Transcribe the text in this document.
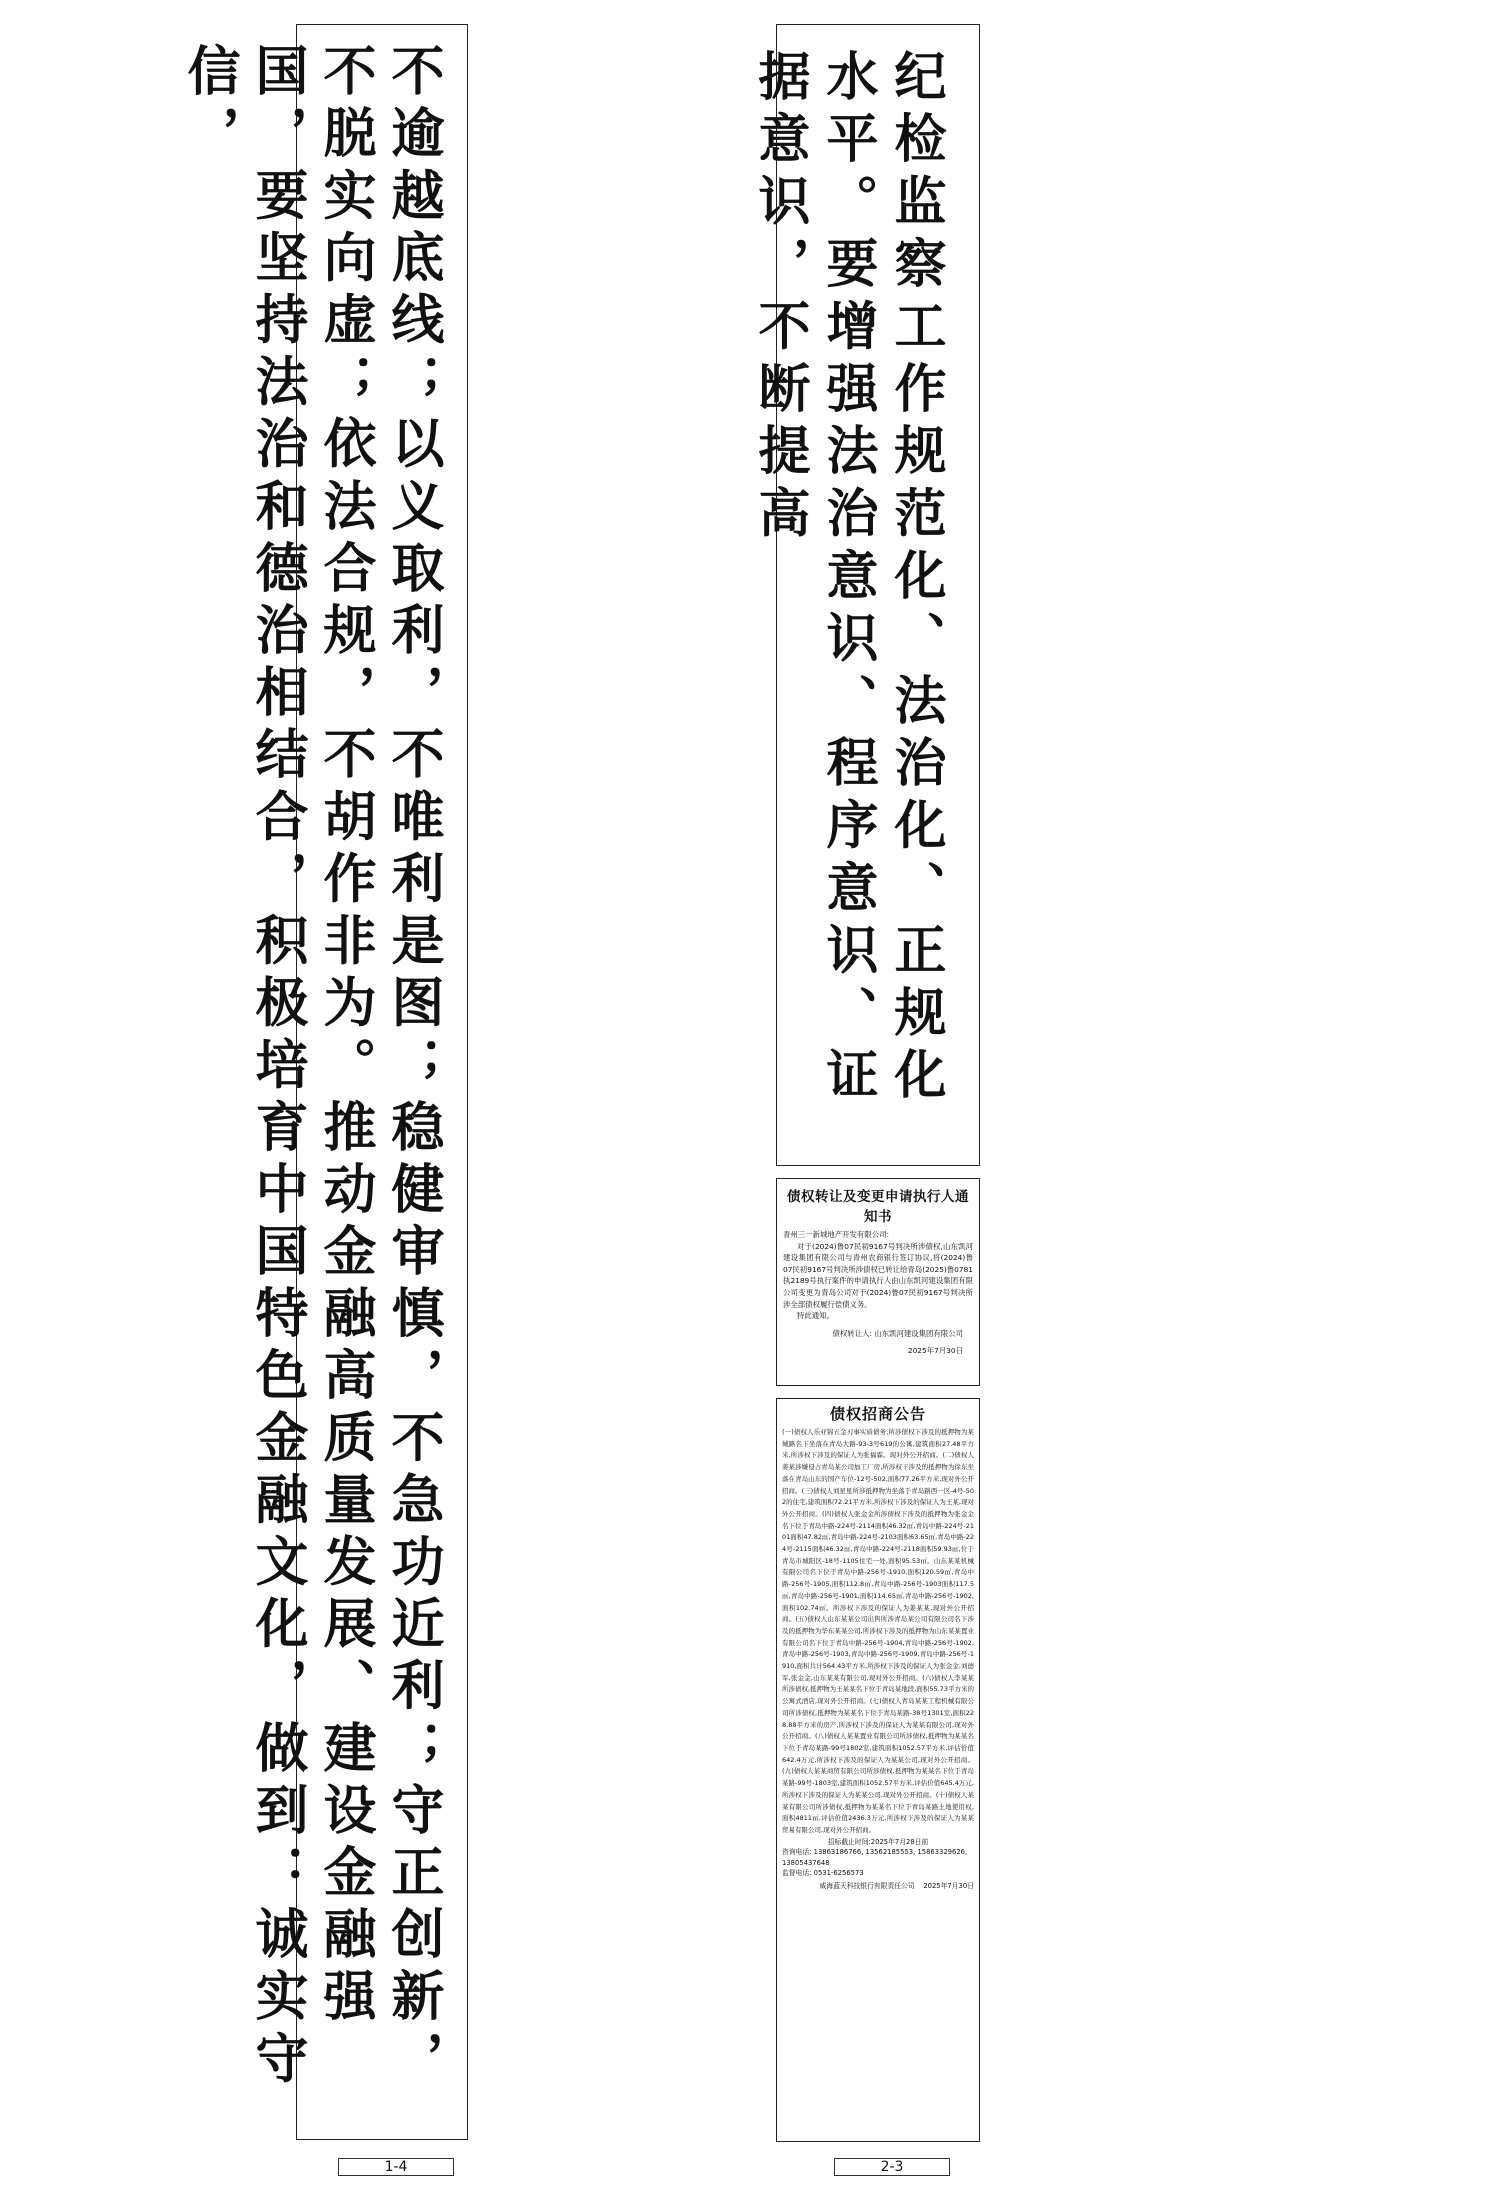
不逾越底线；以义取利，不唯利是图；稳健审慎，不急功近利；守正创新，不脱实向虚；依法合规，不胡作非为。推动金融高质量发展、建设金融强国，要坚持法治和德治相结合，积极培育中国特色金融文化，做到：诚实守信，	纪检监察工作规范化、法治化、正规化水平。要增强法治意识、程序意识、证据意识，不断提高
债权转让及变更申请执行人通知书

青州三一新城地产开发有限公司:

对于(2024)鲁07民初9167号判决所涉债权,山东凯河建设集团有限公司与青州农商银行签订协议,将(2024)鲁07民初9167号判决所涉债权已转让给青岛(2025)鲁0781执2189号执行案件的申请执行人由山东凯河建设集团有限公司变更为青岛公司对于(2024)鲁07民初9167号判决所涉全部债权履行偿债义务。

特此通知。

债权转让人: 山东凯河建设集团有限公司

2025年7月30日

债权招商公告

(一)债权人乐亚锦五金刃事实质债务,所涉债权下涉及的抵押物为某城路名下坐落在青岛大路-93-3号619的公寓,建筑面积27.48平方米,所涉权下涉及的保证人为张福霖。现对外公开招商。(二)债权人姜某涉嫌侵占青岛某公司加工厂房,所涉权下涉及的抵押物为徐东坐落在青岛山东的国产车位-12号-502,面积77.26平方米,现对外公开招商。(三)债权人刘星星所涉抵押物为坐落于青岛路西一区-4号-502的住宅,建筑面积72.21平方米,所涉权下涉及的保证人为王某,现对外公开招商。(四)债权人张金金所涉债权下涉及的抵押物为张金金名下位于青岛中路-224号-2114面积46.32㎡,青岛中路-224号-2101面积47.82㎡,青岛中路-224号-2103面积63.65㎡,青岛中路-224号-2115面积46.32㎡,青岛中路-224号-2118面积59.93㎡,位于青岛市城阳区-18号-1105住宅一处,面积95.53㎡。山东某某机械有限公司名下位于青岛中路-256号-1910,面积120.59㎡,青岛中路-256号-1905,面积112.8㎡,青岛中路-256号-1903面积117.5㎡,青岛中路-256号-1901,面积114.65㎡,青岛中路-256号-1902,面积102.74㎡。所涉权下涉及的保证人为姜某某,现对外公开招商。(五)债权人山东某某公司出售所涉青岛某公司有限公司名下涉及的抵押物为华东某某公司,所涉权下涉及的抵押物为山东某某置业有限公司名下位于青岛中路-256号-1904,青岛中路-256号-1902,青岛中路-256号-1903,青岛中路-256号-1909,青岛中路-256号-1910,面积共计564.43平方米,所涉权下涉及的保证人为张金金,刘德军,张金金,山东某某有限公司,现对外公开招商。(六)债权人李某某所涉债权,抵押物为王某某名下位于青岛某地段,面积55.73平方米的公寓式酒店,现对外公开招商。(七)债权人青岛某某工程机械有限公司所涉债权,抵押物为某某名下位于青岛某路-38号1301室,面积228.88平方米的房产,所涉权下涉及的保证人为某某有限公司,现对外公开招商。(八)债权人某某置业有限公司所涉债权,抵押物为某某名下位于青岛某路-99号1802室,建筑面积1052.57平方米,评估价值642.4万元,所涉权下涉及的保证人为某某公司,现对外公开招商。(九)债权人某某商贸有限公司所涉债权,抵押物为某某名下位于青岛某路-99号-1803室,建筑面积1052.57平方米,评估价值645.4万元,所涉权下涉及的保证人为某某公司,现对外公开招商。(十)债权人某某有限公司所涉债权,抵押物为某某名下位于青岛某路土地使用权,面积4811㎡,评估价值2436.3万元,所涉权下涉及的保证人为某某贸易有限公司,现对外公开招商。

招标截止时间:2025年7月28日前

咨询电话: 13863186766, 13562185553, 15863329626, 13805437648

监督电话: 0531-6256573

威海蓝天科技银行有限责任公司 2025年7月30日

1-4	2-3
